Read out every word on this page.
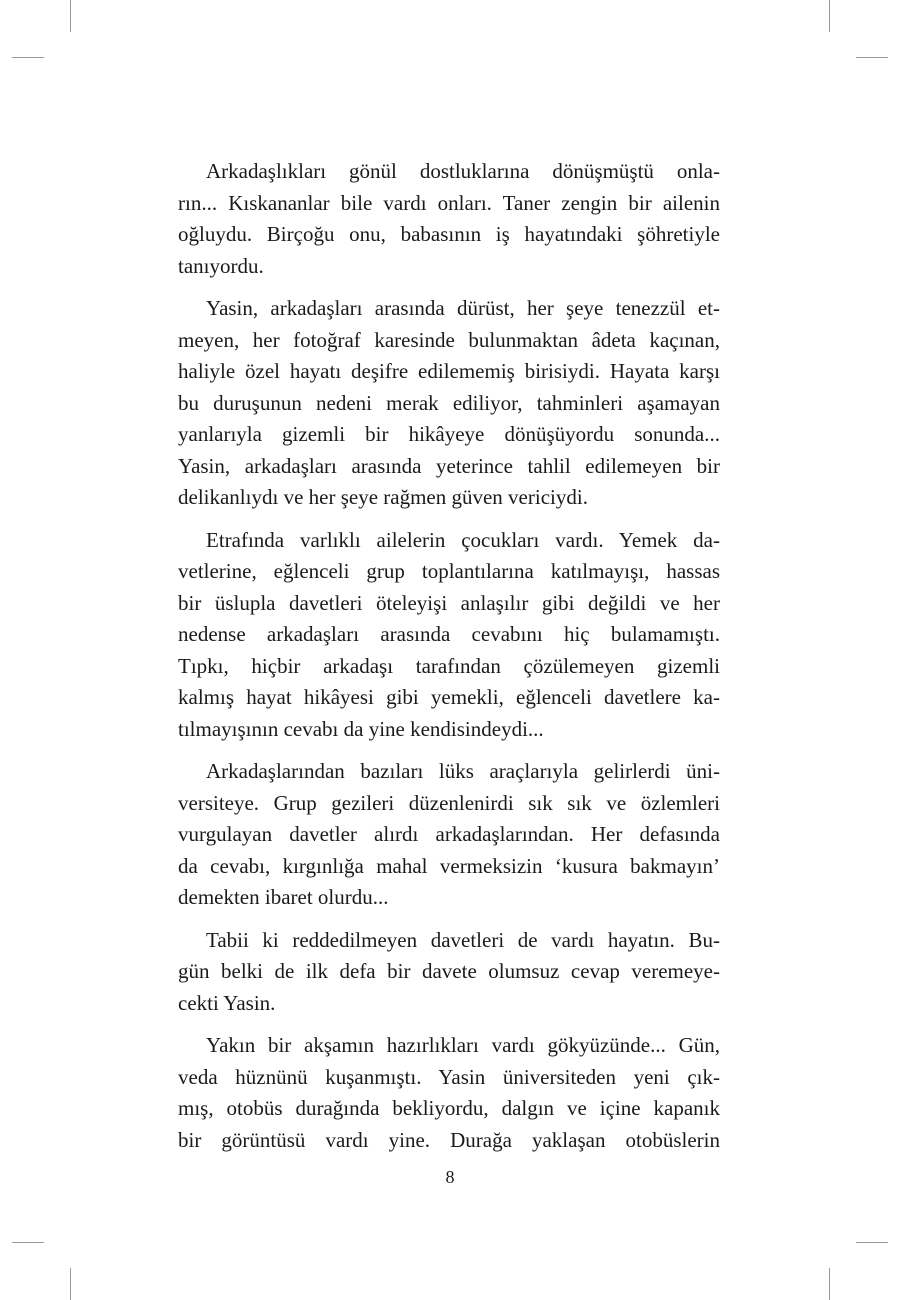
Arkadaşlıkları gönül dostluklarına dönüşmüştü onla-
rın... Kıskananlar bile vardı onları. Taner zengin bir ailenin
oğluydu. Birçoğu onu, babasının iş hayatındaki şöhretiyle
tanıyordu.
Yasin, arkadaşları arasında dürüst, her şeye tenezzül et-
meyen, her fotoğraf karesinde bulunmaktan âdeta kaçınan,
haliyle özel hayatı deşifre edilememiş birisiydi. Hayata karşı
bu duruşunun nedeni merak ediliyor, tahminleri aşamayan
yanlarıyla gizemli bir hikâyeye dönüşüyordu sonunda...
Yasin, arkadaşları arasında yeterince tahlil edilemeyen bir
delikanlıydı ve her şeye rağmen güven vericiydi.
Etrafında varlıklı ailelerin çocukları vardı. Yemek da-
vetlerine, eğlenceli grup toplantılarına katılmayışı, hassas
bir üslupla davetleri öteleyişi anlaşılır gibi değildi ve her
nedense arkadaşları arasında cevabını hiç bulamamıştı.
Tıpkı, hiçbir arkadaşı tarafından çözülemeyen gizemli
kalmış hayat hikâyesi gibi yemekli, eğlenceli davetlere ka-
tılmayışının cevabı da yine kendisindeydi...
Arkadaşlarından bazıları lüks araçlarıyla gelirlerdi üni-
versiteye. Grup gezileri düzenlenirdi sık sık ve özlemleri
vurgulayan davetler alırdı arkadaşlarından. Her defasında
da cevabı, kırgınlığa mahal vermeksizin ‘kusura bakmayın’
demekten ibaret olurdu...
Tabii ki reddedilmeyen davetleri de vardı hayatın. Bu-
gün belki de ilk defa bir davete olumsuz cevap veremeye-
cekti Yasin.
Yakın bir akşamın hazırlıkları vardı gökyüzünde... Gün,
veda hüznünü kuşanmıştı. Yasin üniversiteden yeni çık-
mış, otobüs durağında bekliyordu, dalgın ve içine kapanık
bir görüntüsü vardı yine. Durağa yaklaşan otobüslerin
8
